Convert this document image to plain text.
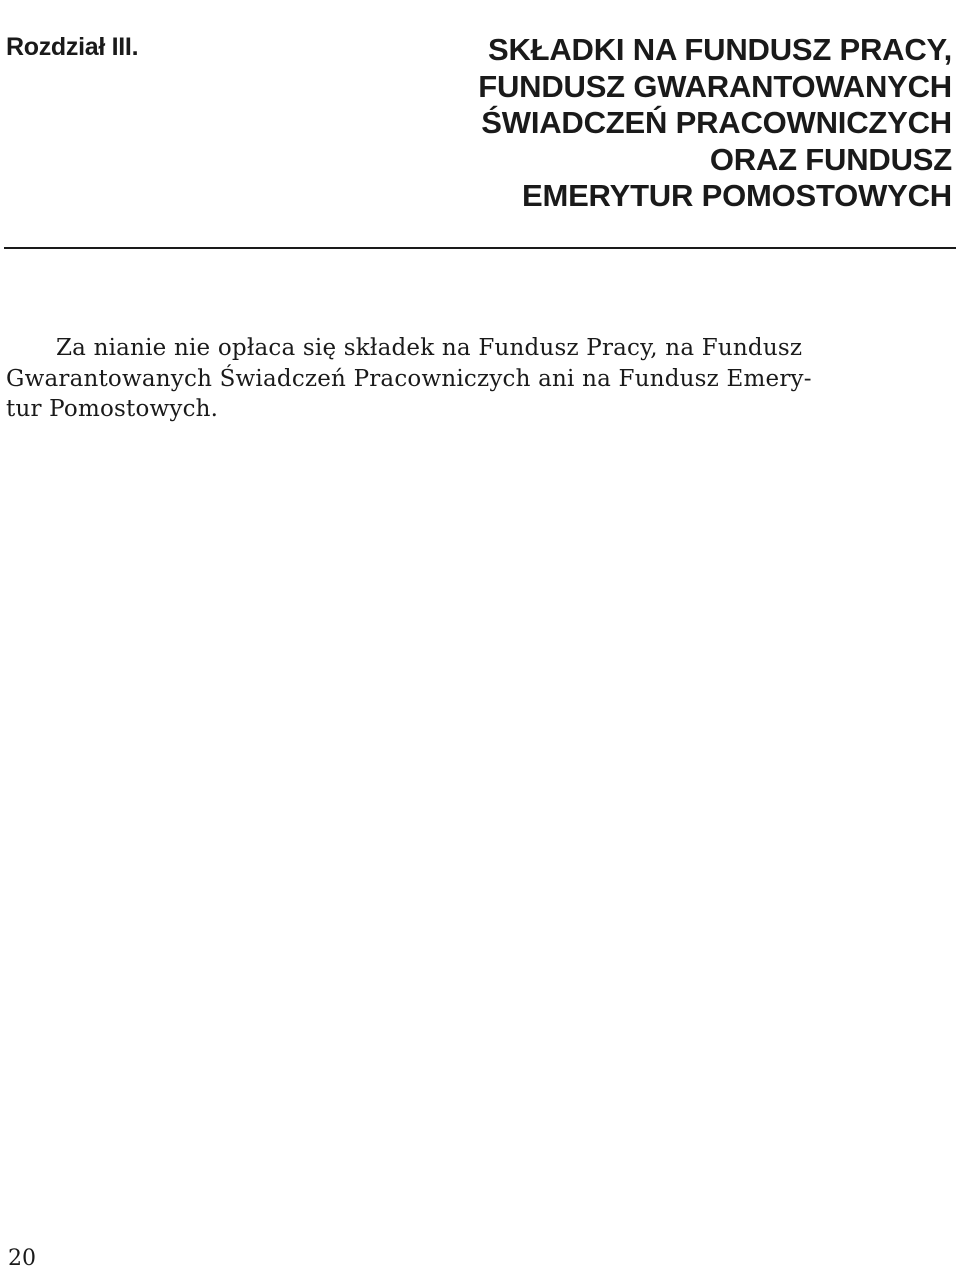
Rozdział III.	SKŁADKI NA FUNDUSZ PRACY,
FUNDUSZ GWARANTOWANYCH
ŚWIADCZEŃ PRACOWNICZYCH
ORAZ FUNDUSZ
EMERYTUR POMOSTOWYCH

Za nianie nie opłaca się składek na Fundusz Pracy, na Fundusz
Gwarantowanych Świadczeń Pracowniczych ani na Fundusz Emery-
tur Pomostowych.

20
